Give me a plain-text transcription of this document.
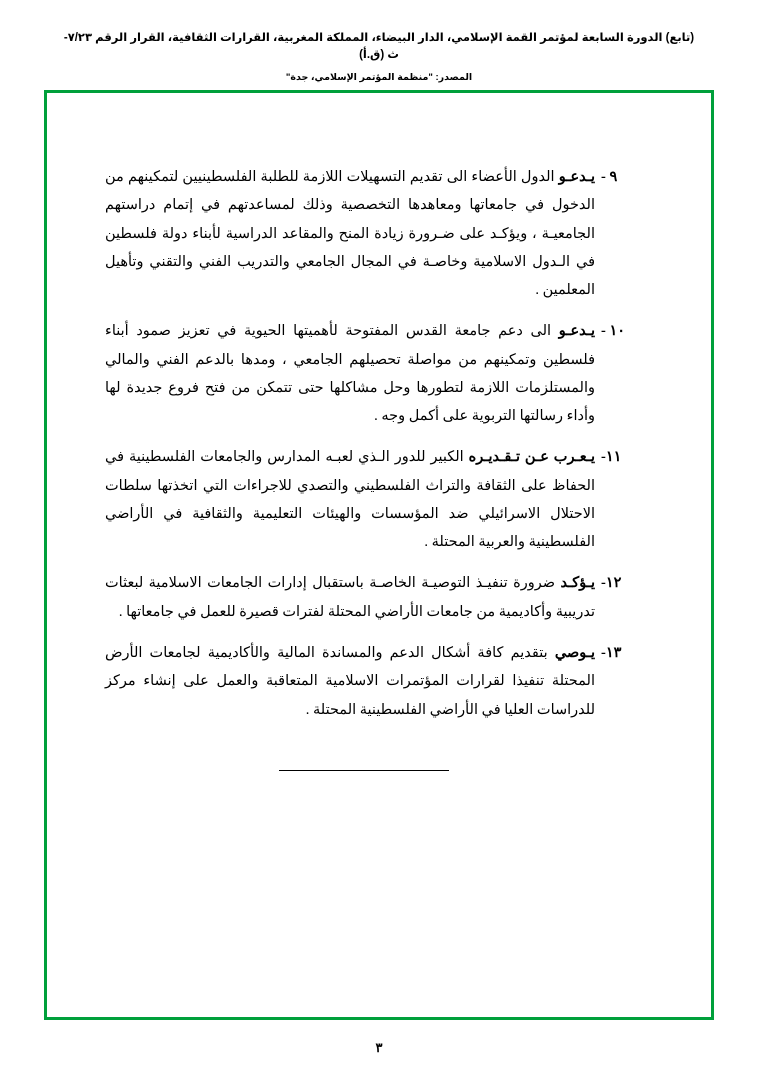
(تابع) الدورة السابعة لمؤتمر القمة الإسلامي، الدار البيضاء، المملكة المغربية، القرارات الثقافية، القرار الرقم ٧/٢٣-ث (ق.أ)
المصدر: "منظمة المؤتمر الإسلامي، جدة"
٩ -
يـدعـو الدول الأعضاء الى تقديم التسهيلات اللازمة للطلبة الفلسطينيين لتمكينهم من الدخول في جامعاتها ومعاهدها التخصصية وذلك لمساعدتهم في إتمام دراستهم الجامعيـة ، ويؤكـد على ضـرورة زيادة المنح والمقاعد الدراسية لأبناء دولة فلسطين في الـدول الاسلامية وخاصـة في المجال الجامعي والتدريب الفني والتقني وتأهيل المعلمين .
١٠ -
يـدعـو الى دعم جامعة القدس المفتوحة لأهميتها الحيوية في تعزيز صمود أبناء فلسطين وتمكينهم من مواصلة تحصيلهم الجامعي ، ومدها بالدعم الفني والمالي والمستلزمات اللازمة لتطورها وحل مشاكلها حتى تتمكن من فتح فروع جديدة لها وأداء رسالتها التربوية على أكمل وجه .
١١-
يـعـرب عـن تـقـديـره الكبير للدور الـذي لعبـه المدارس والجامعات الفلسطينية في الحفاظ على الثقافة والتراث الفلسطيني والتصدي للاجراءات التي اتخذتها سلطات الاحتلال الاسرائيلي ضد المؤسسات والهيئات التعليمية والثقافية في الأراضي الفلسطينية والعربية المحتلة .
١٢-
يـؤكـد ضرورة تنفيـذ التوصيـة الخاصـة باستقبال إدارات الجامعات الاسلامية لبعثات تدريبية وأكاديمية من جامعات الأراضي المحتلة لفترات قصيرة للعمل في جامعاتها .
١٣-
يـوصي بتقديم كافة أشكال الدعم والمساندة المالية والأكاديمية لجامعات الأرض المحتلة تنفيذا لقرارات المؤتمرات الاسلامية المتعاقبة والعمل على إنشاء مركز للدراسات العليا في الأراضي الفلسطينية المحتلة .
٣
